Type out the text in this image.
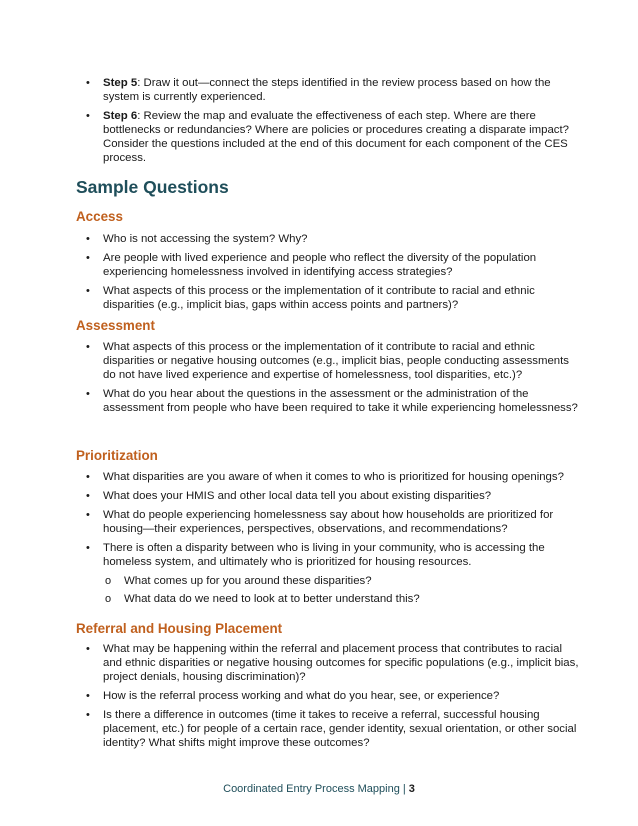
• Step 5: Draw it out—connect the steps identified in the review process based on how the system is currently experienced.
• Step 6: Review the map and evaluate the effectiveness of each step. Where are there bottlenecks or redundancies? Where are policies or procedures creating a disparate impact? Consider the questions included at the end of this document for each component of the CES process.
Sample Questions
Access
• Who is not accessing the system? Why?
• Are people with lived experience and people who reflect the diversity of the population experiencing homelessness involved in identifying access strategies?
• What aspects of this process or the implementation of it contribute to racial and ethnic disparities (e.g., implicit bias, gaps within access points and partners)?
Assessment
• What aspects of this process or the implementation of it contribute to racial and ethnic disparities or negative housing outcomes (e.g., implicit bias, people conducting assessments do not have lived experience and expertise of homelessness, tool disparities, etc.)?
• What do you hear about the questions in the assessment or the administration of the assessment from people who have been required to take it while experiencing homelessness?
Prioritization
• What disparities are you aware of when it comes to who is prioritized for housing openings?
• What does your HMIS and other local data tell you about existing disparities?
• What do people experiencing homelessness say about how households are prioritized for housing—their experiences, perspectives, observations, and recommendations?
• There is often a disparity between who is living in your community, who is accessing the homeless system, and ultimately who is prioritized for housing resources.
o What comes up for you around these disparities?
o What data do we need to look at to better understand this?
Referral and Housing Placement
• What may be happening within the referral and placement process that contributes to racial and ethnic disparities or negative housing outcomes for specific populations (e.g., implicit bias, project denials, housing discrimination)?
• How is the referral process working and what do you hear, see, or experience?
• Is there a difference in outcomes (time it takes to receive a referral, successful housing placement, etc.) for people of a certain race, gender identity, sexual orientation, or other social identity? What shifts might improve these outcomes?
Coordinated Entry Process Mapping | 3
